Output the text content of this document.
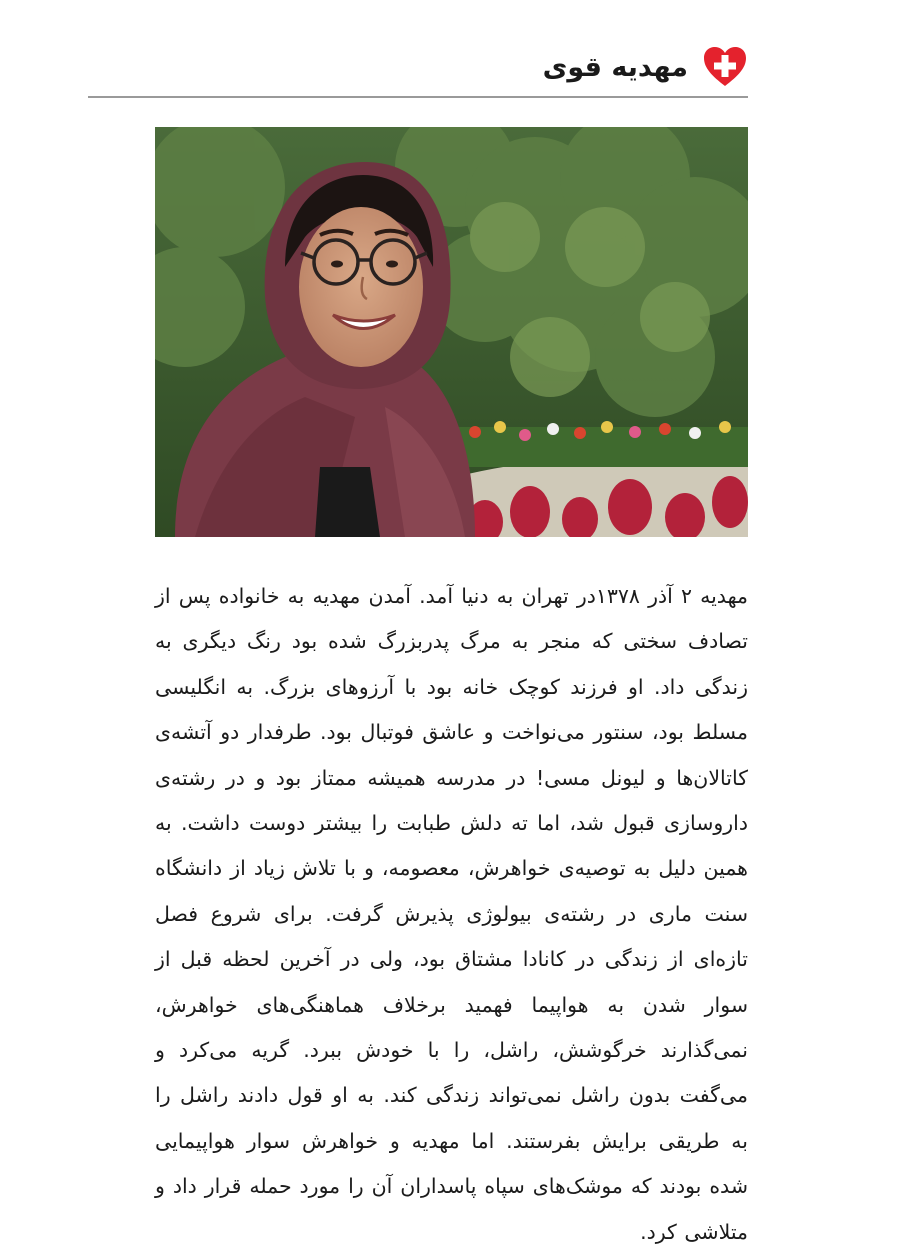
مهدیه قوی

مهدیه ۲ آذر ۱۳۷۸در تهران به دنیا آمد. آمدن مهدیه به خانواده پس از تصادف سختی که منجر به مرگ پدربزرگ شده بود رنگ دیگری به زندگی داد. او فرزند کوچک خانه بود با آرزوهای بزرگ. به انگلیسی مسلط بود، سنتور می‌نواخت و عاشق فوتبال بود. طرفدار دو آتشه‌ی کاتالان‌ها و لیونل مسی! در مدرسه همیشه ممتاز بود و در رشته‌ی داروسازی قبول شد، اما ته دلش طبابت را بیشتر دوست داشت. به همین دلیل به توصیه‌ی خواهرش، معصومه، و با تلاش زیاد از دانشگاه سنت ماری در رشته‌ی بیولوژی پذیرش گرفت. برای شروع فصل تازه‌ای از زندگی در کانادا مشتاق بود، ولی در آخرین لحظه قبل از سوار شدن به هواپیما فهمید برخلاف هماهنگی‌های خواهرش، نمی‌گذارند خرگوشش، راشل، را با خودش ببرد. گریه می‌کرد و می‌گفت بدون راشل نمی‌تواند زندگی کند. به او قول دادند راشل را به طریقی برایش بفرستند. اما مهدیه و خواهرش سوار هواپیمایی شده بودند که موشک‌های سپاه پاسداران آن را مورد حمله قرار داد و متلاشی کرد.
